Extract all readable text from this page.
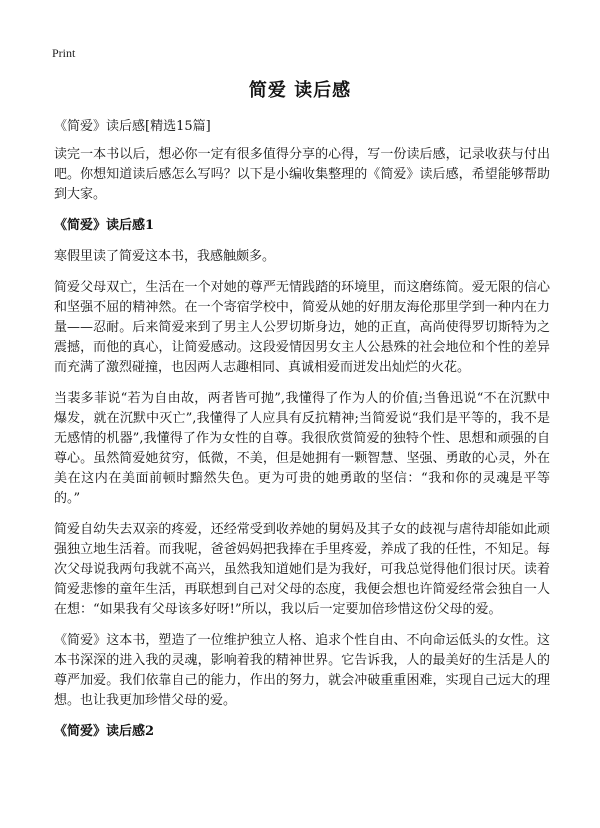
Print
简爱 读后感

《简爱》读后感[精选15篇]

读完一本书以后，想必你一定有很多值得分享的心得，写一份读后感，记录收获与付出吧。你想知道读后感怎么写吗？以下是小编收集整理的《简爱》读后感，希望能够帮助到大家。

《简爱》读后感1

寒假里读了简爱这本书，我感触颇多。

简爱父母双亡，生活在一个对她的尊严无情践踏的环境里，而这磨练简。爱无限的信心和坚强不屈的精神然。在一个寄宿学校中，简爱从她的好朋友海伦那里学到一种内在力量——忍耐。后来简爱来到了男主人公罗切斯身边，她的正直，高尚使得罗切斯特为之震撼，而他的真心，让简爱感动。这段爱情因男女主人公悬殊的社会地位和个性的差异而充满了激烈碰撞，也因两人志趣相同、真诚相爱而迸发出灿烂的火花。

当裴多菲说“若为自由故，两者皆可抛”,我懂得了作为人的价值;当鲁迅说“不在沉默中爆发，就在沉默中灭亡”,我懂得了人应具有反抗精神;当简爱说“我们是平等的，我不是无感情的机器”,我懂得了作为女性的自尊。我很欣赏简爱的独特个性、思想和顽强的自尊心。虽然简爱她贫穷，低微，不美，但是她拥有一颗智慧、坚强、勇敢的心灵，外在美在这内在美面前顿时黯然失色。更为可贵的她勇敢的坚信：“我和你的灵魂是平等的。”

简爱自幼失去双亲的疼爱，还经常受到收养她的舅妈及其子女的歧视与虐待却能如此顽强独立地生活着。而我呢，爸爸妈妈把我捧在手里疼爱，养成了我的任性，不知足。每次父母说我两句我就不高兴，虽然我知道她们是为我好，可我总觉得他们很讨厌。读着简爱悲惨的童年生活，再联想到自己对父母的态度，我便会想也许简爱经常会独自一人在想：“如果我有父母该多好呀!”所以，我以后一定要加倍珍惜这份父母的爱。

《简爱》这本书，塑造了一位维护独立人格、追求个性自由、不向命运低头的女性。这本书深深的进入我的灵魂，影响着我的精神世界。它告诉我，人的最美好的生活是人的尊严加爱。我们依靠自己的能力，作出的努力，就会冲破重重困难，实现自己远大的理想。也让我更加珍惜父母的爱。

《简爱》读后感2
